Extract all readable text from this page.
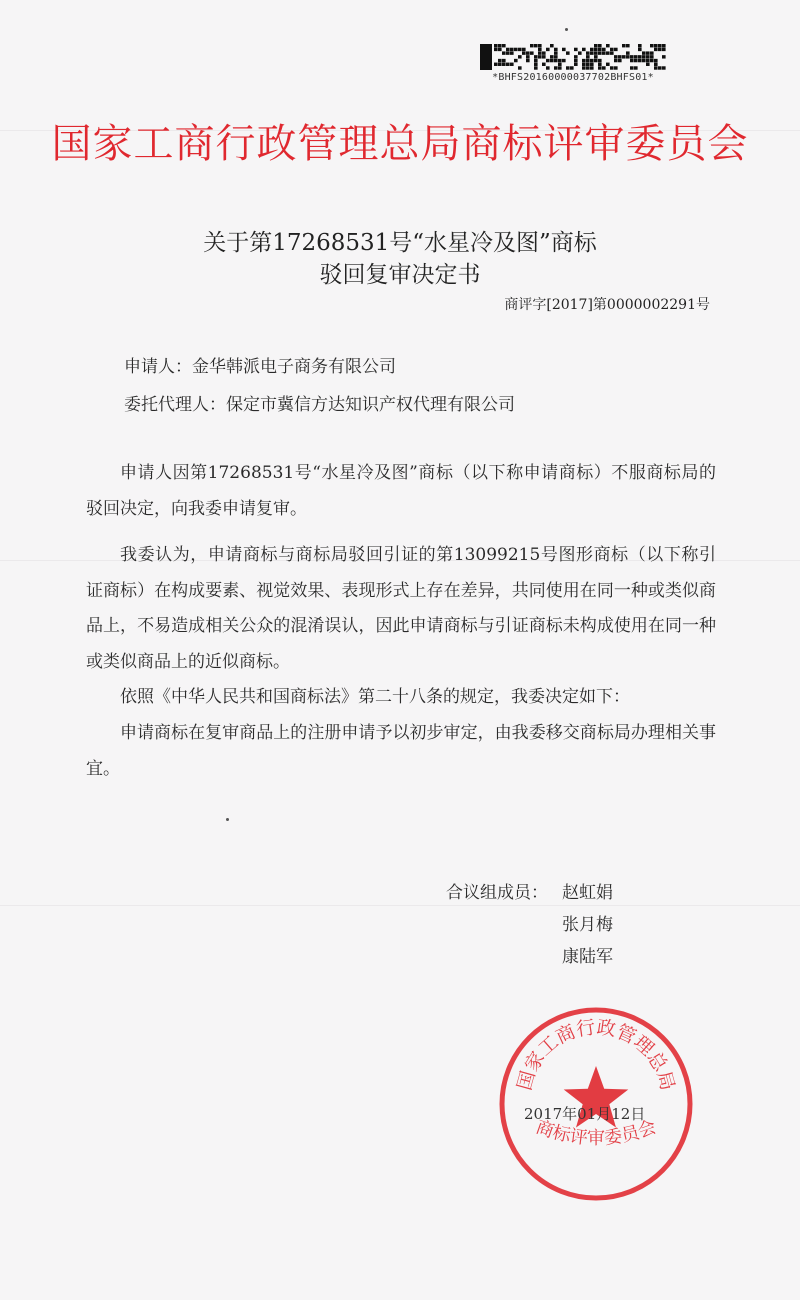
*BHFS20160000037702BHFS01*
国家工商行政管理总局商标评审委员会
关于第17268531号“水星冷及图”商标
驳回复审决定书
商评字[2017]第0000002291号
申请人：金华韩派电子商务有限公司
委托代理人：保定市冀信方达知识产权代理有限公司

申请人因第17268531号“水星冷及图”商标（以下称申请商标）不服商标局的驳回决定，向我委申请复审。

我委认为，申请商标与商标局驳回引证的第13099215号图形商标（以下称引证商标）在构成要素、视觉效果、表现形式上存在差异，共同使用在同一种或类似商品上，不易造成相关公众的混淆误认，因此申请商标与引证商标未构成使用在同一种或类似商品上的近似商标。

依照《中华人民共和国商标法》第二十八条的规定，我委决定如下：

申请商标在复审商品上的注册申请予以初步审定，由我委移交商标局办理相关事宜。

合议组成员： 赵虹娟
张月梅
康陆军
国家工商行政管理总局
商标评审委员会
2017年01月12日
